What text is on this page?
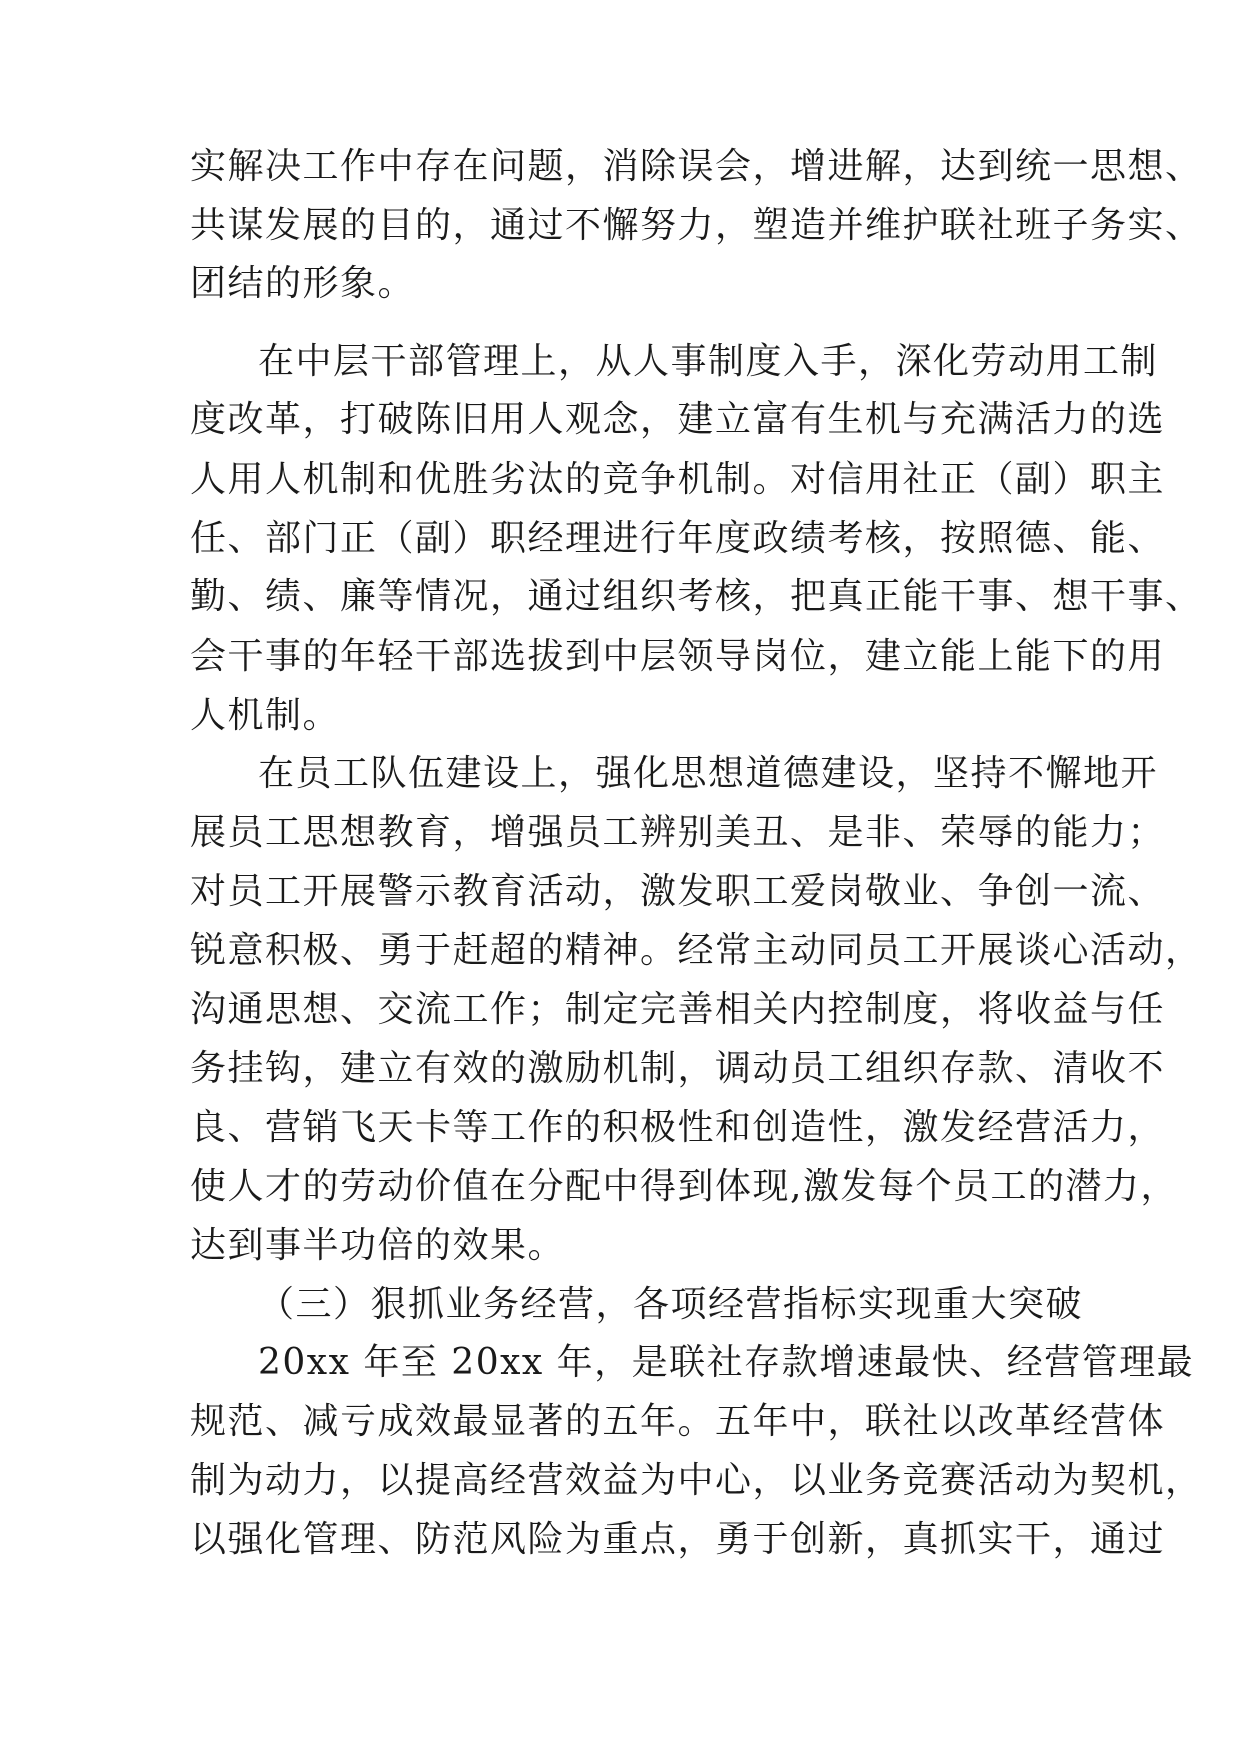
实解决工作中存在问题，消除误会，增进解，达到统一思想、
共谋发展的目的，通过不懈努力，塑造并维护联社班子务实、
团结的形象。
在中层干部管理上，从人事制度入手，深化劳动用工制
度改革，打破陈旧用人观念，建立富有生机与充满活力的选
人用人机制和优胜劣汰的竞争机制。对信用社正（副）职主
任、部门正（副）职经理进行年度政绩考核，按照德、能、
勤、绩、廉等情况，通过组织考核，把真正能干事、想干事、
会干事的年轻干部选拔到中层领导岗位，建立能上能下的用
人机制。
在员工队伍建设上，强化思想道德建设，坚持不懈地开
展员工思想教育，增强员工辨别美丑、是非、荣辱的能力；
对员工开展警示教育活动，激发职工爱岗敬业、争创一流、
锐意积极、勇于赶超的精神。经常主动同员工开展谈心活动，
沟通思想、交流工作；制定完善相关内控制度，将收益与任
务挂钩，建立有效的激励机制，调动员工组织存款、清收不
良、营销飞天卡等工作的积极性和创造性，激发经营活力，
使人才的劳动价值在分配中得到体现,激发每个员工的潜力，
达到事半功倍的效果。
（三）狠抓业务经营，各项经营指标实现重大突破
20xx 年至 20xx 年，是联社存款增速最快、经营管理最
规范、减亏成效最显著的五年。五年中，联社以改革经营体
制为动力，以提高经营效益为中心，以业务竞赛活动为契机，
以强化管理、防范风险为重点，勇于创新，真抓实干，通过
